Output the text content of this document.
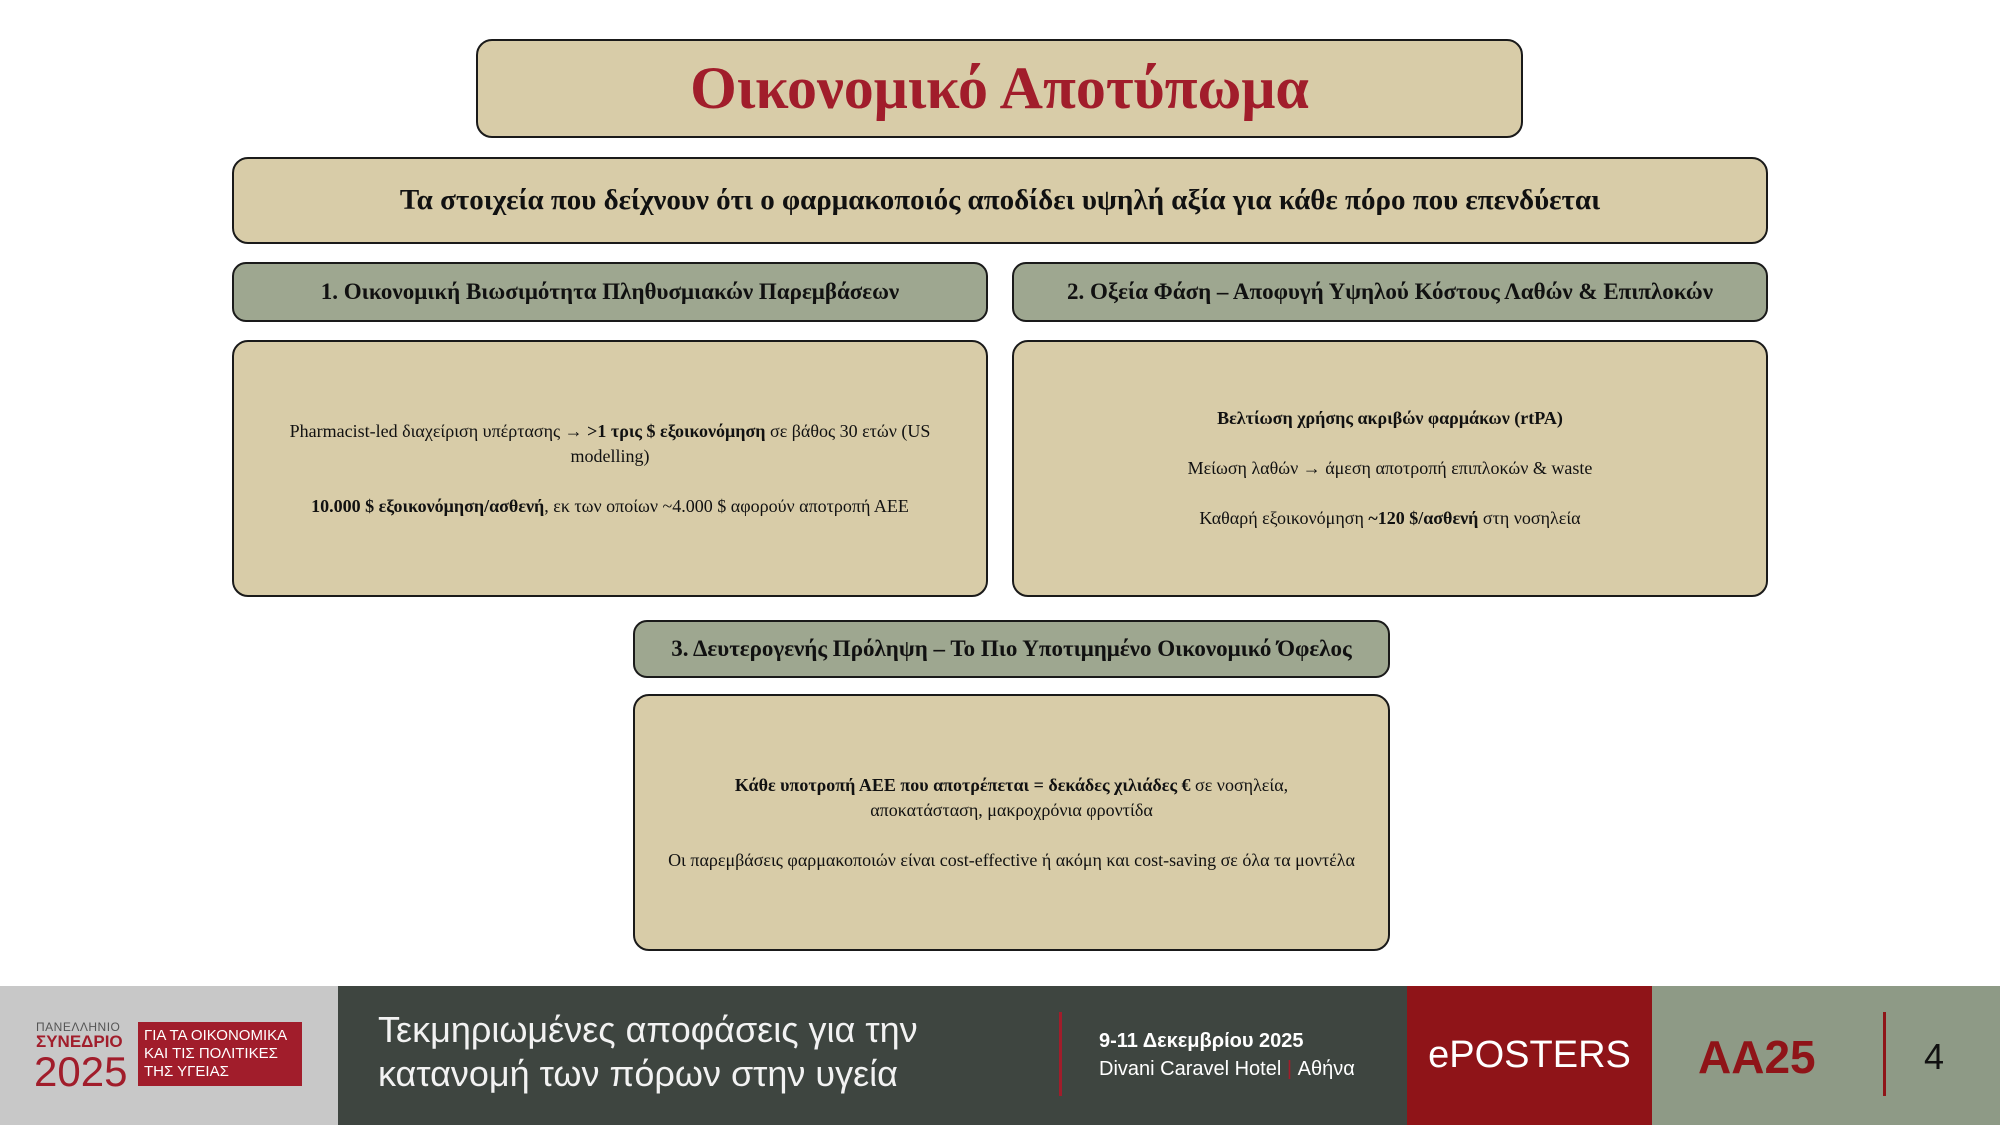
Οικονομικό Αποτύπωμα
Τα στοιχεία που δείχνουν ότι ο φαρμακοποιός αποδίδει υψηλή αξία για κάθε πόρο που επενδύεται
1. Οικονομική Βιωσιμότητα Πληθυσμιακών Παρεμβάσεων

Pharmacist-led διαχείριση υπέρτασης → >1 τρις $ εξοικονόμηση σε βάθος 30 ετών (US modelling)

10.000 $ εξοικονόμηση/ασθενή, εκ των οποίων ~4.000 $ αφορούν αποτροπή ΑΕΕ

2. Οξεία Φάση – Αποφυγή Υψηλού Κόστους Λαθών & Επιπλοκών

Βελτίωση χρήσης ακριβών φαρμάκων (rtPA)

Μείωση λαθών → άμεση αποτροπή επιπλοκών & waste

Καθαρή εξοικονόμηση ~120 $/ασθενή στη νοσηλεία

3. Δευτερογενής Πρόληψη – Το Πιο Υποτιμημένο Οικονομικό Όφελος

Κάθε υποτροπή ΑΕΕ που αποτρέπεται = δεκάδες χιλιάδες € σε νοσηλεία, αποκατάσταση, μακροχρόνια φροντίδα

Οι παρεμβάσεις φαρμακοποιών είναι cost-effective ή ακόμη και cost-saving σε όλα τα μοντέλα

ΠΑΝΕΛΛΗΝΙΟ
ΣΥΝΕΔΡΙΟ
2025
ΓΙΑ ΤΑ ΟΙΚΟΝΟΜΙΚΑ
ΚΑΙ ΤΙΣ ΠΟΛΙΤΙΚΕΣ
ΤΗΣ ΥΓΕΙΑΣ
Τεκμηριωμένες αποφάσεις για την
κατανομή των πόρων στην υγεία
9-11 Δεκεμβρίου 2025
Divani Caravel Hotel | Αθήνα	ePOSTERS	AA25	4
